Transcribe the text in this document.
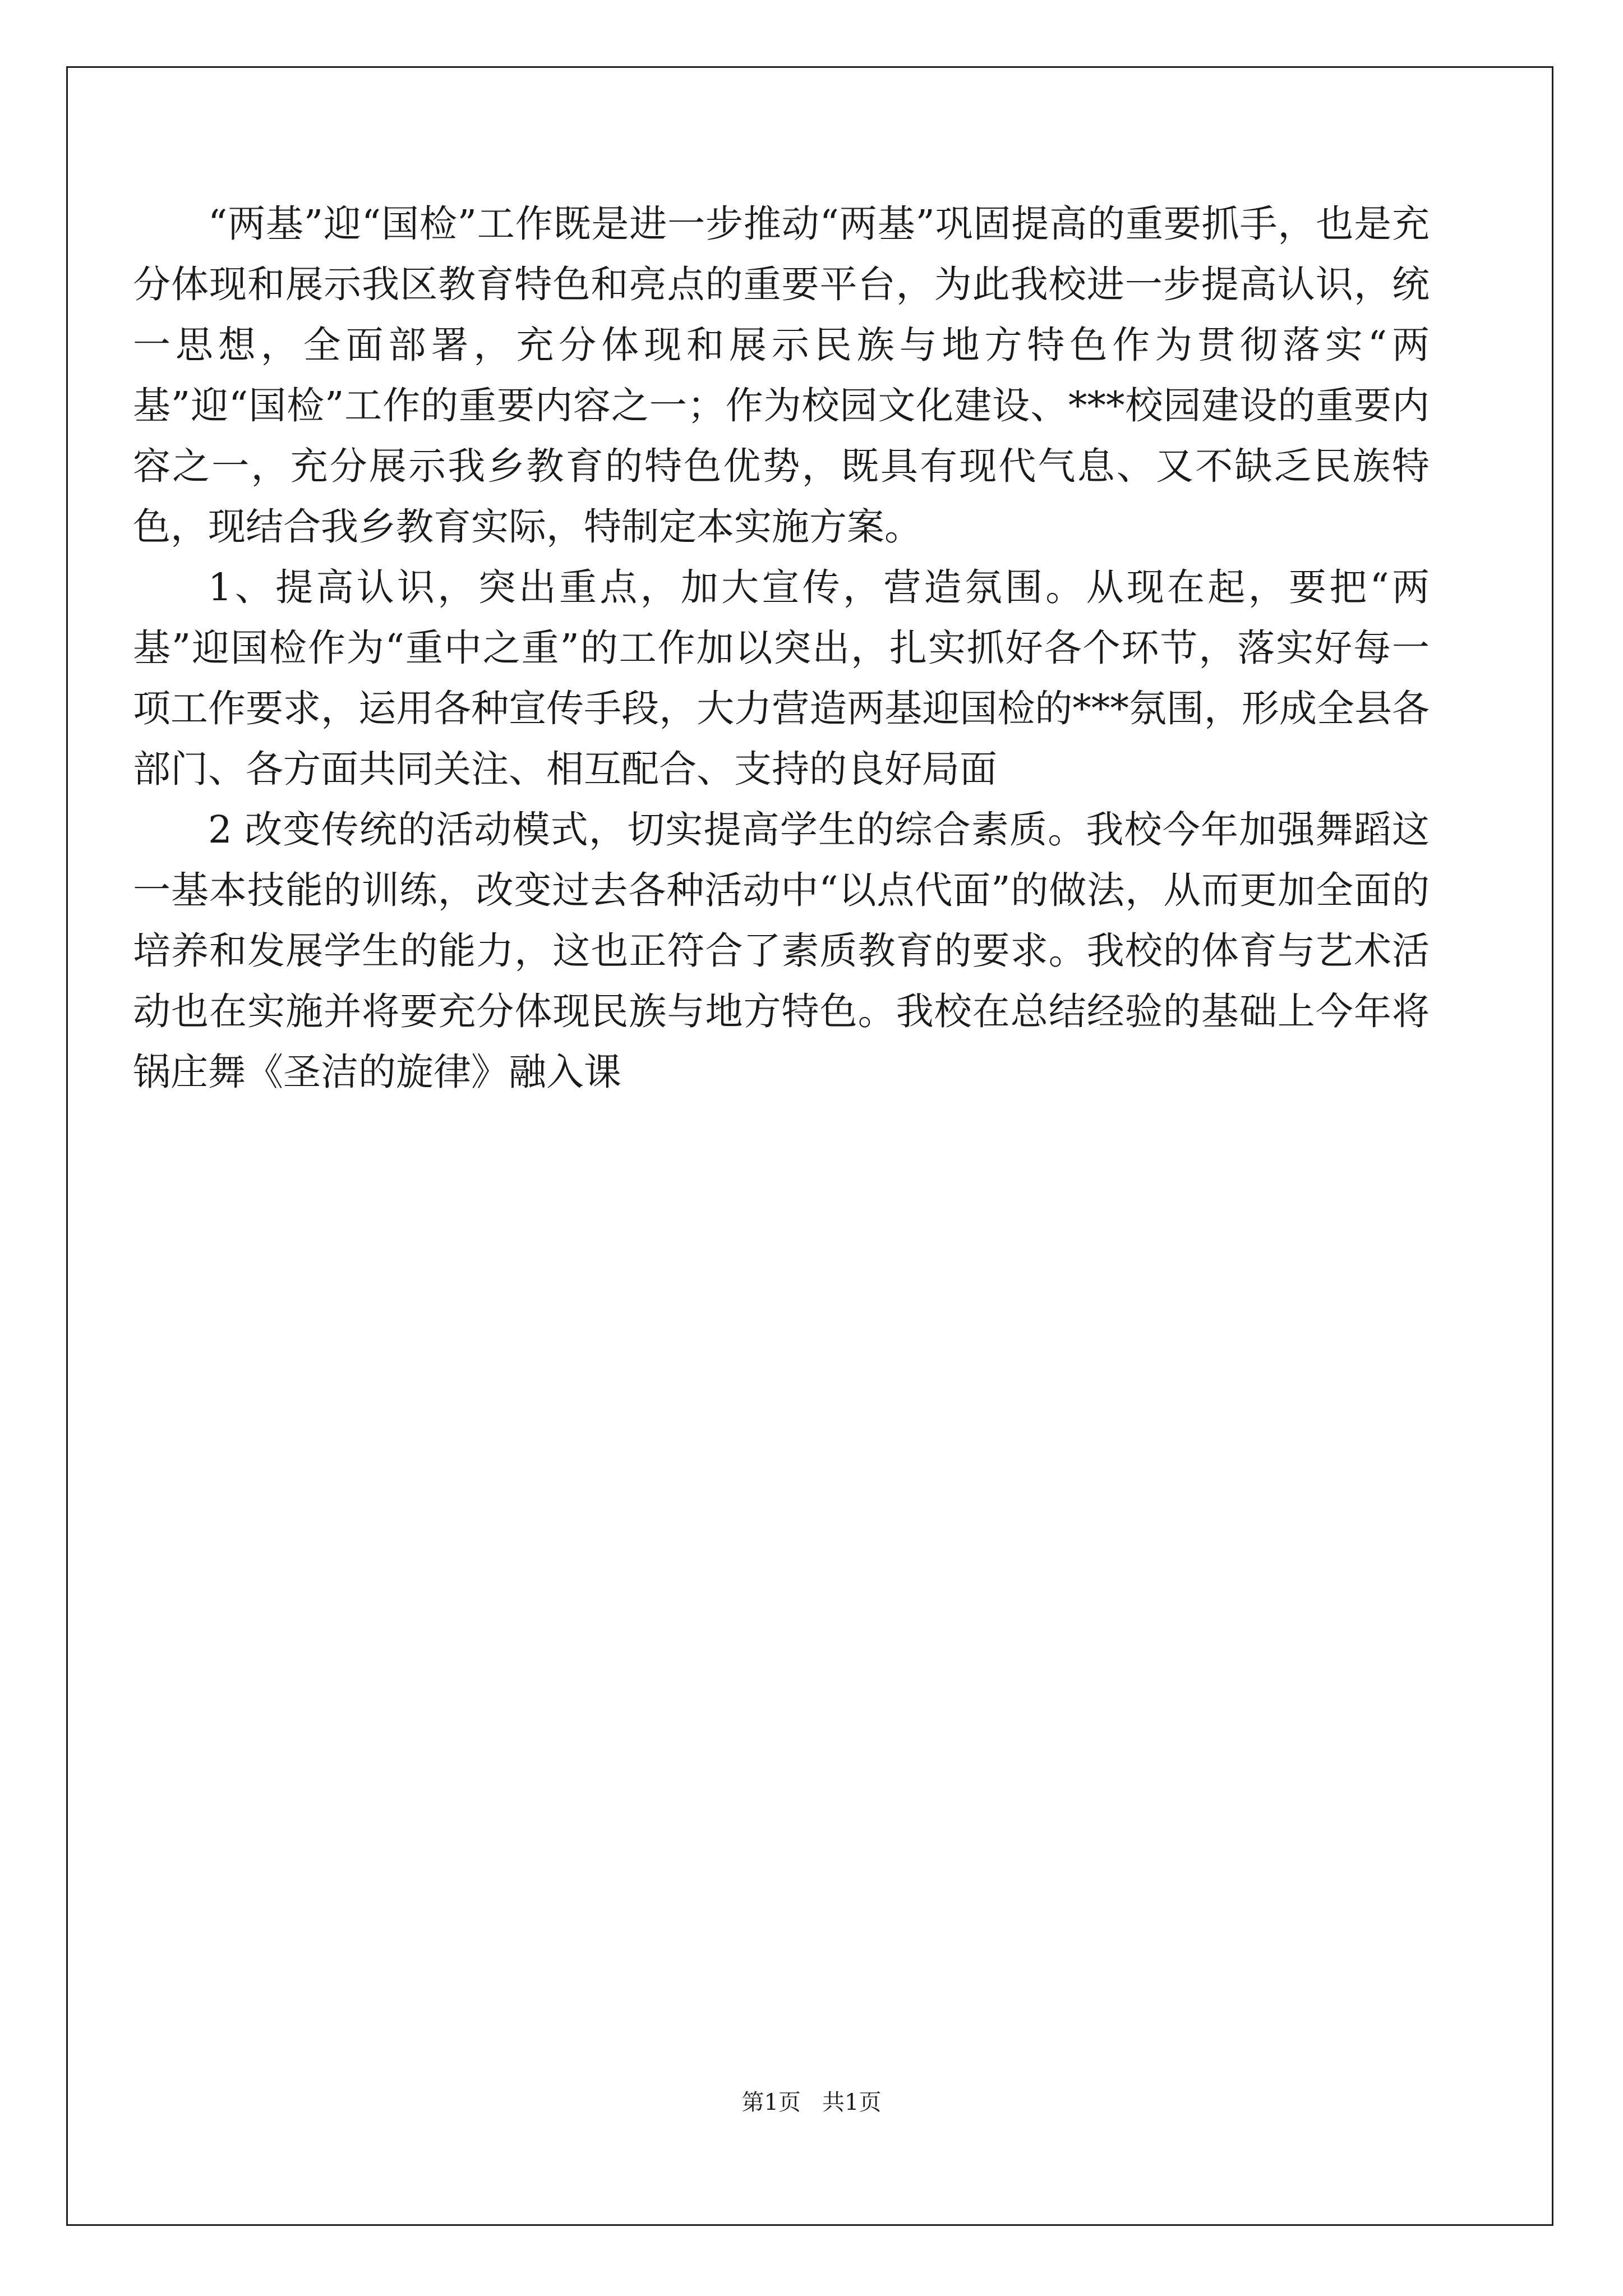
“两基”迎“国检”工作既是进一步推动“两基”巩固提高的重要抓手，也是充分体现和展示我区教育特色和亮点的重要平台，为此我校进一步提高认识，统一思想，全面部署，充分体现和展示民族与地方特色作为贯彻落实“两基”迎“国检”工作的重要内容之一；作为校园文化建设、***校园建设的重要内容之一，充分展示我乡教育的特色优势，既具有现代气息、又不缺乏民族特色，现结合我乡教育实际，特制定本实施方案。

1、提高认识，突出重点，加大宣传，营造氛围。从现在起，要把“两基”迎国检作为“重中之重”的工作加以突出，扎实抓好各个环节，落实好每一项工作要求，运用各种宣传手段，大力营造两基迎国检的***氛围，形成全县各部门、各方面共同关注、相互配合、支持的良好局面

2 改变传统的活动模式，切实提高学生的综合素质。我校今年加强舞蹈这一基本技能的训练，改变过去各种活动中“以点代面”的做法，从而更加全面的培养和发展学生的能力，这也正符合了素质教育的要求。我校的体育与艺术活动也在实施并将要充分体现民族与地方特色。我校在总结经验的基础上今年将锅庄舞《圣洁的旋律》融入课

第1页   共1页
